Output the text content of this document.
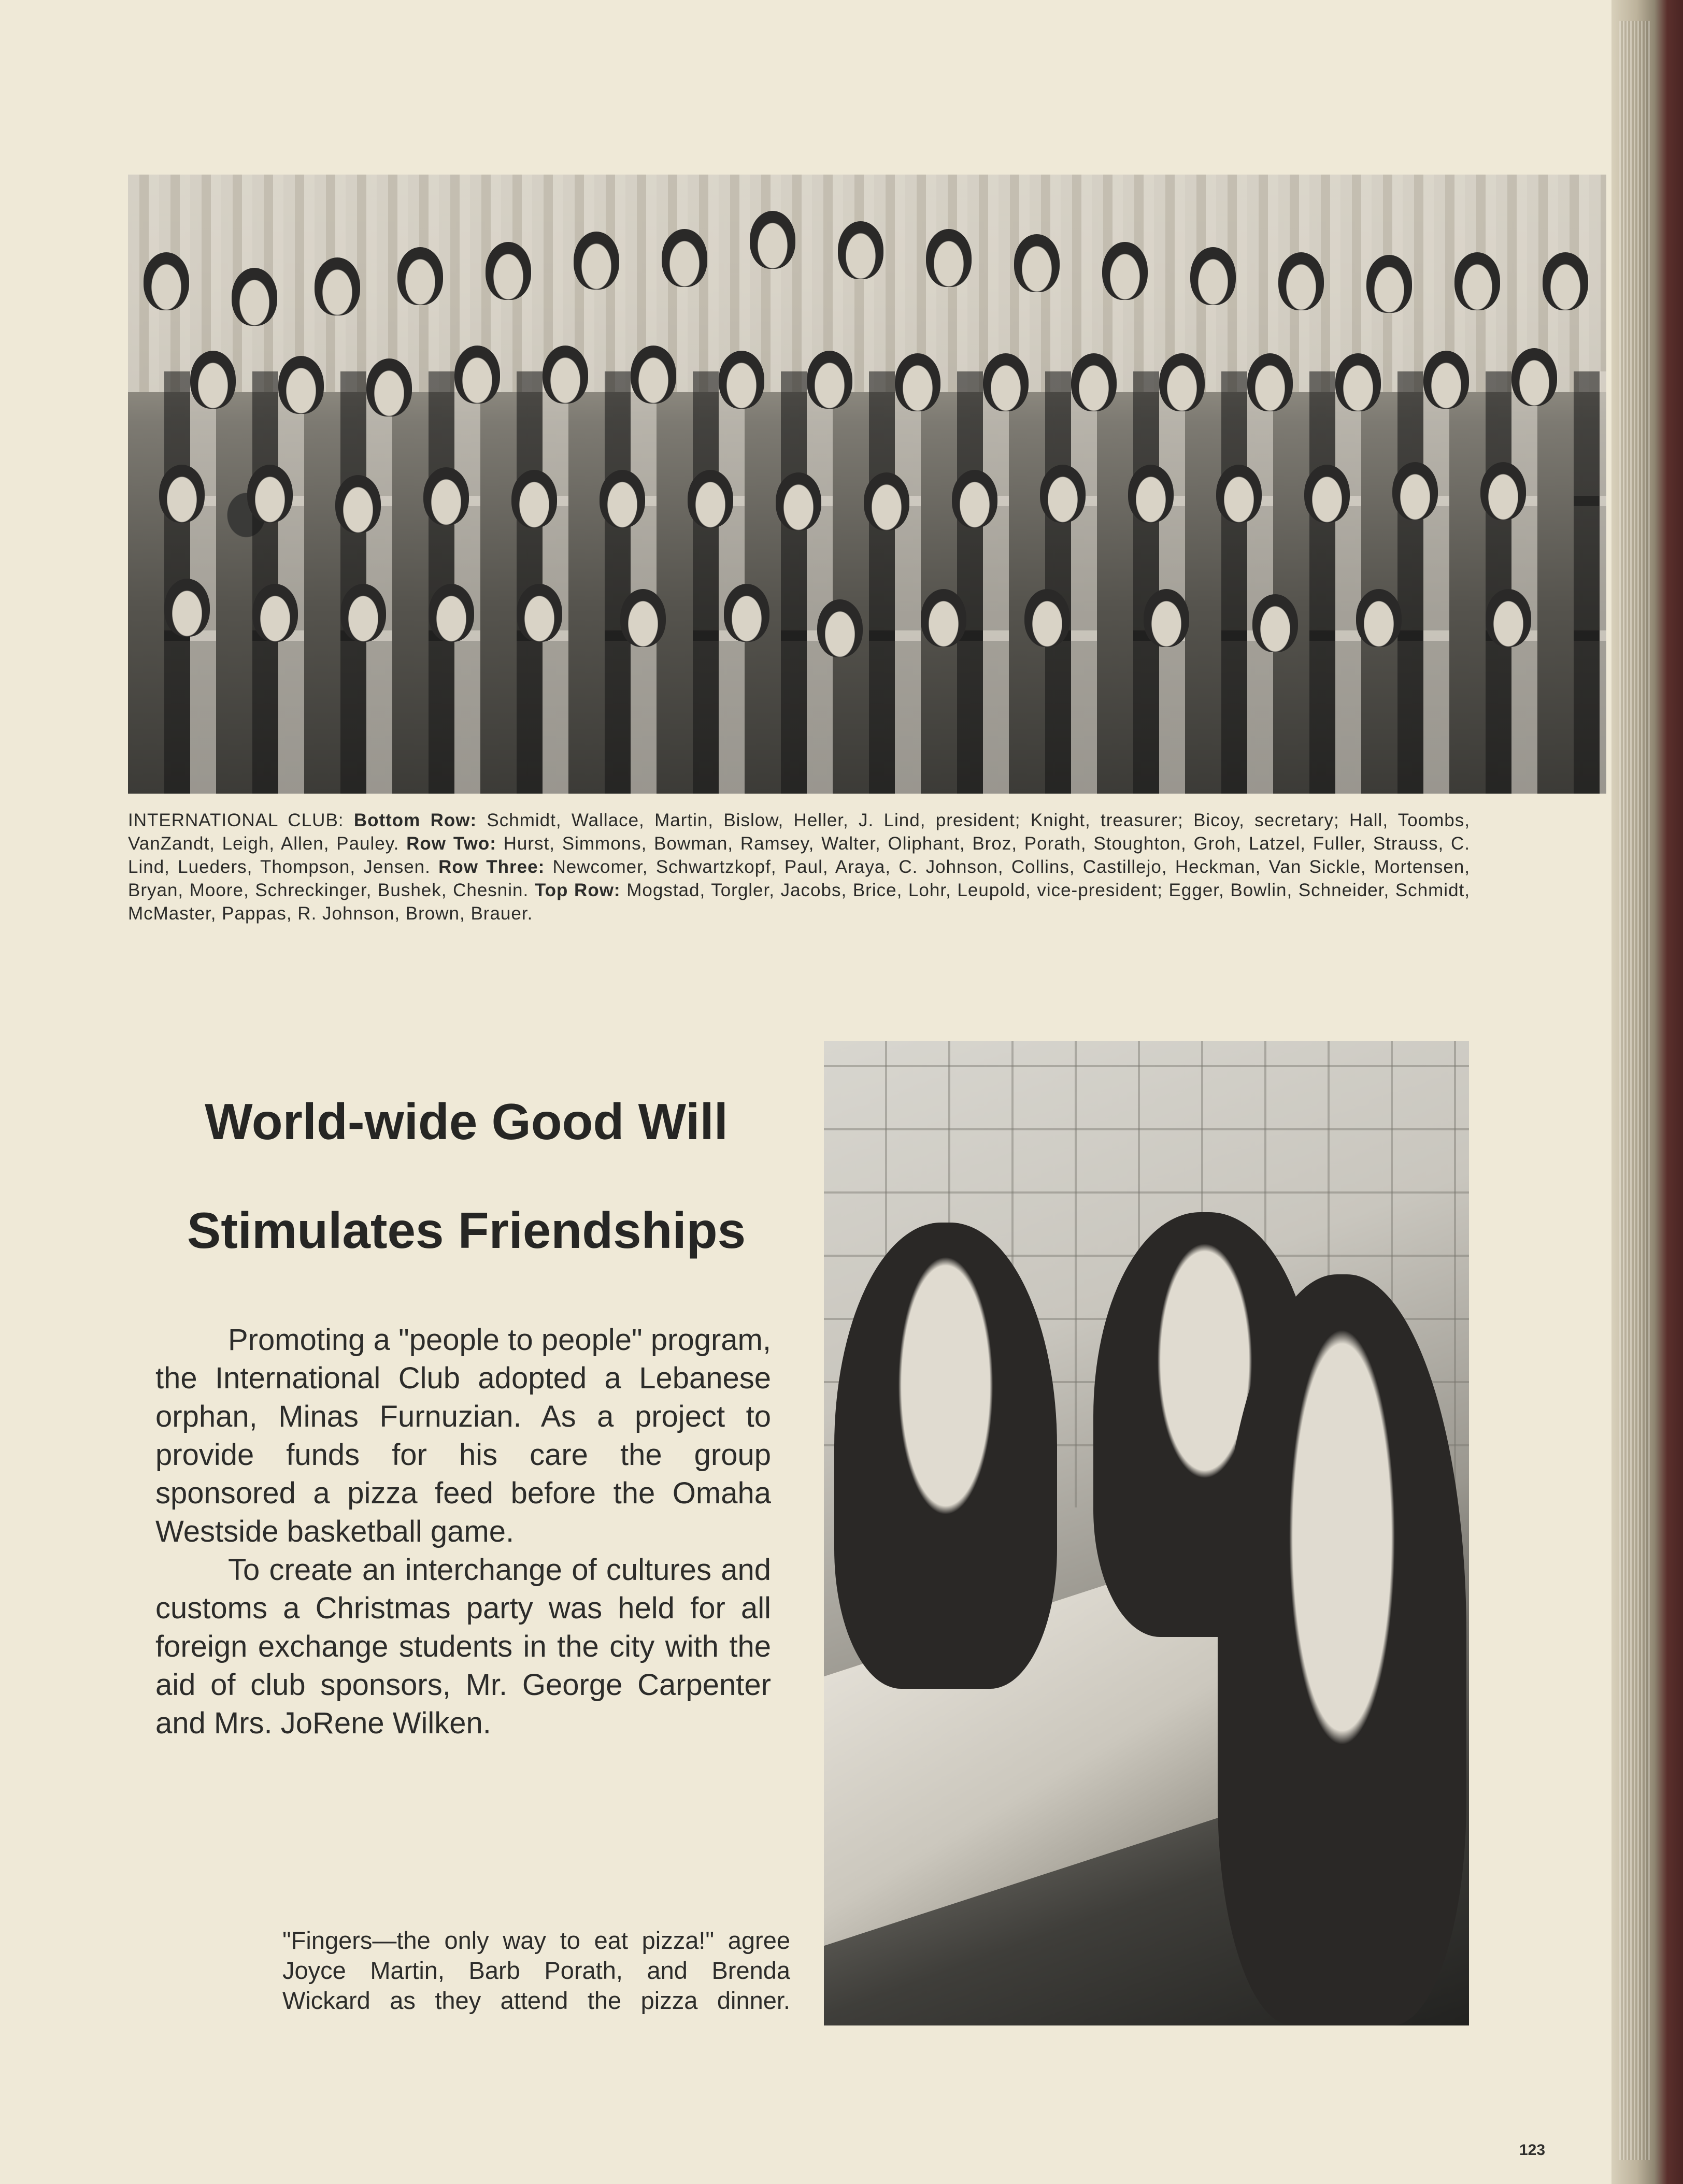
INTERNATIONAL CLUB: Bottom Row: Schmidt, Wallace, Martin, Bislow, Heller, J. Lind, president; Knight, treasurer; Bicoy, secretary; Hall, Toombs, VanZandt, Leigh, Allen, Pauley. Row Two: Hurst, Simmons, Bowman, Ramsey, Walter, Oliphant, Broz, Porath, Stoughton, Groh, Latzel, Fuller, Strauss, C. Lind, Lueders, Thompson, Jensen. Row Three: Newcomer, Schwartzkopf, Paul, Araya, C. Johnson, Collins, Castillejo, Heckman, Van Sickle, Mortensen, Bryan, Moore, Schreckinger, Bushek, Chesnin. Top Row: Mogstad, Torgler, Jacobs, Brice, Lohr, Leupold, vice-president; Egger, Bowlin, Schneider, Schmidt, McMaster, Pappas, R. Johnson, Brown, Brauer.
World-wide Good Will
Stimulates Friendships

Promoting a "people to people" program, the International Club adopted a Lebanese orphan, Minas Furnuzian. As a project to provide funds for his care the group sponsored a pizza feed before the Omaha Westside basketball game.

To create an interchange of cultures and customs a Christmas party was held for all foreign exchange students in the city with the aid of club sponsors, Mr. George Carpenter and Mrs. JoRene Wilken.

"Fingers—the only way to eat pizza!" agree Joyce Martin, Barb Porath, and Brenda Wickard as they attend the pizza dinner.
123
